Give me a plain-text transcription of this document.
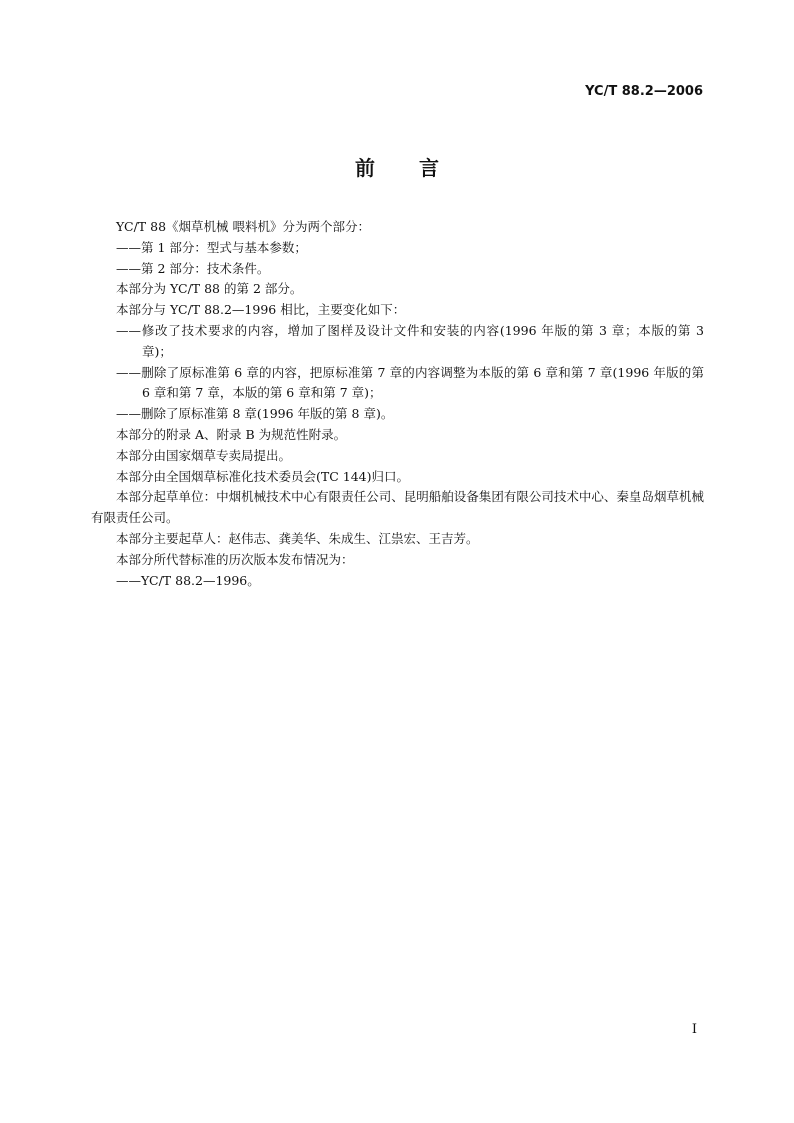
YC/T 88.2—2006
前 言

YC/T 88《烟草机械 喂料机》分为两个部分：

——第 1 部分：型式与基本参数；

——第 2 部分：技术条件。

本部分为 YC/T 88 的第 2 部分。

本部分与 YC/T 88.2—1996 相比，主要变化如下：

——修改了技术要求的内容，增加了图样及设计文件和安装的内容(1996 年版的第 3 章；本版的第 3 章)；

——删除了原标准第 6 章的内容，把原标准第 7 章的内容调整为本版的第 6 章和第 7 章(1996 年版的第 6 章和第 7 章，本版的第 6 章和第 7 章)；

——删除了原标准第 8 章(1996 年版的第 8 章)。

本部分的附录 A、附录 B 为规范性附录。

本部分由国家烟草专卖局提出。

本部分由全国烟草标准化技术委员会(TC 144)归口。

本部分起草单位：中烟机械技术中心有限责任公司、昆明船舶设备集团有限公司技术中心、秦皇岛烟草机械有限责任公司。

本部分主要起草人：赵伟志、龚美华、朱成生、江祟宏、王吉芳。

本部分所代替标准的历次版本发布情况为：

——YC/T 88.2—1996。

I
